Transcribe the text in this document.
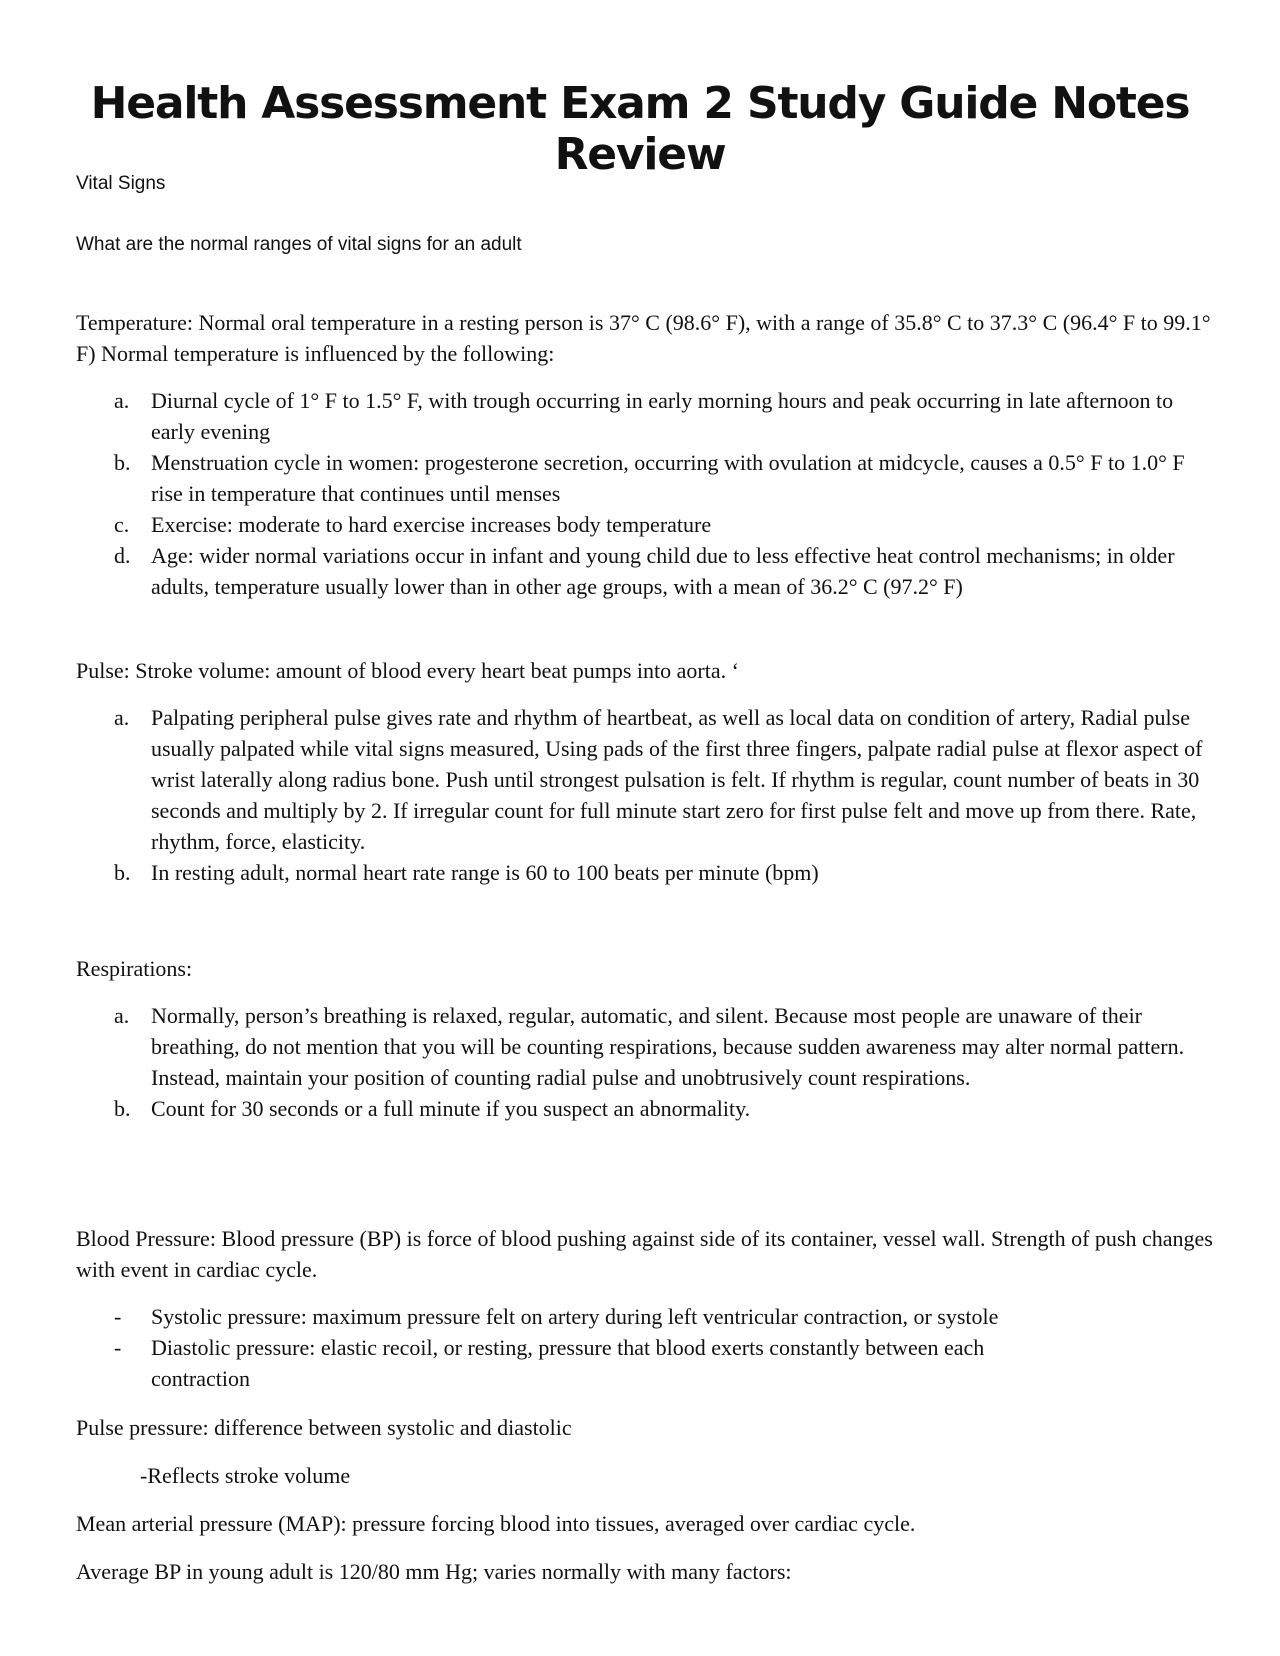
Health Assessment Exam 2 Study Guide Notes Review
Vital Signs
What are the normal ranges of vital signs for an adult

Temperature: Normal oral temperature in a resting person is 37° C (98.6° F), with a range of 35.8° C to 37.3° C (96.4° F to 99.1° F) Normal temperature is influenced by the following:

a. Diurnal cycle of 1° F to 1.5° F, with trough occurring in early morning hours and peak occurring in late afternoon to early evening
b. Menstruation cycle in women: progesterone secretion, occurring with ovulation at midcycle, causes a 0.5° F to 1.0° F rise in temperature that continues until menses
c. Exercise: moderate to hard exercise increases body temperature
d. Age: wider normal variations occur in infant and young child due to less effective heat control mechanisms; in older adults, temperature usually lower than in other age groups, with a mean of 36.2° C (97.2° F)

Pulse: Stroke volume: amount of blood every heart beat pumps into aorta. ‘

a. Palpating peripheral pulse gives rate and rhythm of heartbeat, as well as local data on condition of artery, Radial pulse usually palpated while vital signs measured, Using pads of the first three fingers, palpate radial pulse at flexor aspect of wrist laterally along radius bone. Push until strongest pulsation is felt. If rhythm is regular, count number of beats in 30 seconds and multiply by 2. If irregular count for full minute start zero for first pulse felt and move up from there. Rate, rhythm, force, elasticity.
b. In resting adult, normal heart rate range is 60 to 100 beats per minute (bpm)

Respirations:

a. Normally, person’s breathing is relaxed, regular, automatic, and silent. Because most people are unaware of their breathing, do not mention that you will be counting respirations, because sudden awareness may alter normal pattern. Instead, maintain your position of counting radial pulse and unobtrusively count respirations.
b. Count for 30 seconds or a full minute if you suspect an abnormality.

Blood Pressure: Blood pressure (BP) is force of blood pushing against side of its container, vessel wall. Strength of push changes with event in cardiac cycle.

- Systolic pressure: maximum pressure felt on artery during left ventricular contraction, or systole
- Diastolic pressure: elastic recoil, or resting, pressure that blood exerts constantly between each contraction
Pulse pressure: difference between systolic and diastolic
-Reflects stroke volume
Mean arterial pressure (MAP): pressure forcing blood into tissues, averaged over cardiac cycle.
Average BP in young adult is 120/80 mm Hg; varies normally with many factors:
